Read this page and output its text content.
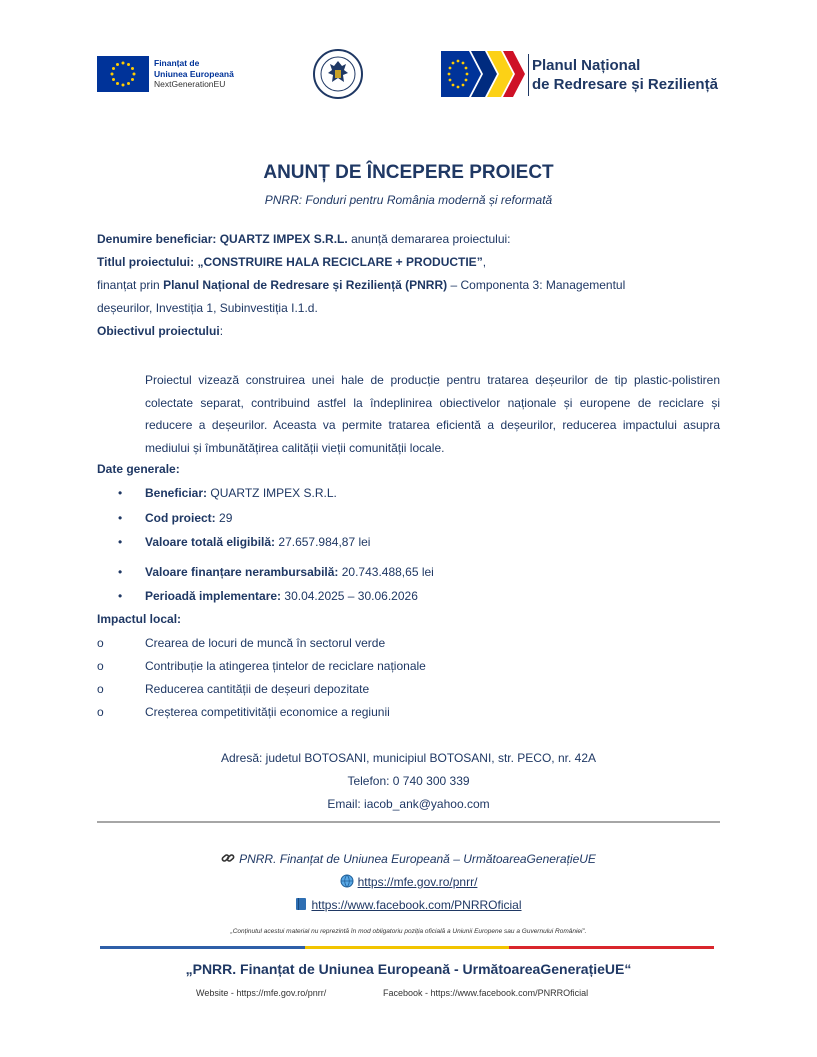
Finanțat de
Uniunea Europeană
NextGenerationEU
Planul Național
de Redresare și Reziliență
ANUNȚ DE ÎNCEPERE PROIECT
PNRR: Fonduri pentru România modernă și reformată
Denumire beneficiar: QUARTZ IMPEX S.R.L. anunță demararea proiectului:
Titlul proiectului: „CONSTRUIRE HALA RECICLARE + PRODUCTIE”,
finanțat prin Planul Național de Redresare și Reziliență (PNRR) – Componenta 3: Managementul
deșeurilor, Investiția 1, Subinvestiția I.1.d.
Obiectivul proiectului:
Proiectul vizează construirea unei hale de producție pentru tratarea deșeurilor de tip plastic-polistiren colectate separat, contribuind astfel la îndeplinirea obiectivelor naționale și europene de reciclare și reducere a deșeurilor. Aceasta va permite tratarea eficientă a deșeurilor, reducerea impactului asupra mediului și îmbunătățirea calității vieții comunității locale.
Date generale:
• Beneficiar: QUARTZ IMPEX S.R.L.
• Cod proiect: 29
• Valoare totală eligibilă: 27.657.984,87 lei
• Valoare finanțare nerambursabilă: 20.743.488,65 lei
• Perioadă implementare: 30.04.2025 – 30.06.2026
Impactul local:
o	Crearea de locuri de muncă în sectorul verde
o	Contribuție la atingerea țintelor de reciclare naționale
o	Reducerea cantității de deșeuri depozitate
o	Creșterea competitivității economice a regiunii
Adresă: judetul BOTOSANI, municipiul BOTOSANI, str. PECO, nr. 42A
Telefon: 0 740 300 339
Email: iacob_ank@yahoo.com
PNRR. Finanțat de Uniunea Europeană – UrmătoareaGenerațieUE
https://mfe.gov.ro/pnrr/
https://www.facebook.com/PNRROficial
„Conținutul acestui material nu reprezintă în mod obligatoriu poziția oficială a Uniunii Europene sau a Guvernului României”.
„PNRR. Finanțat de Uniunea Europeană - UrmătoareaGenerațieUE“
Website - https://mfe.gov.ro/pnrr/	Facebook - https://www.facebook.com/PNRROficial
